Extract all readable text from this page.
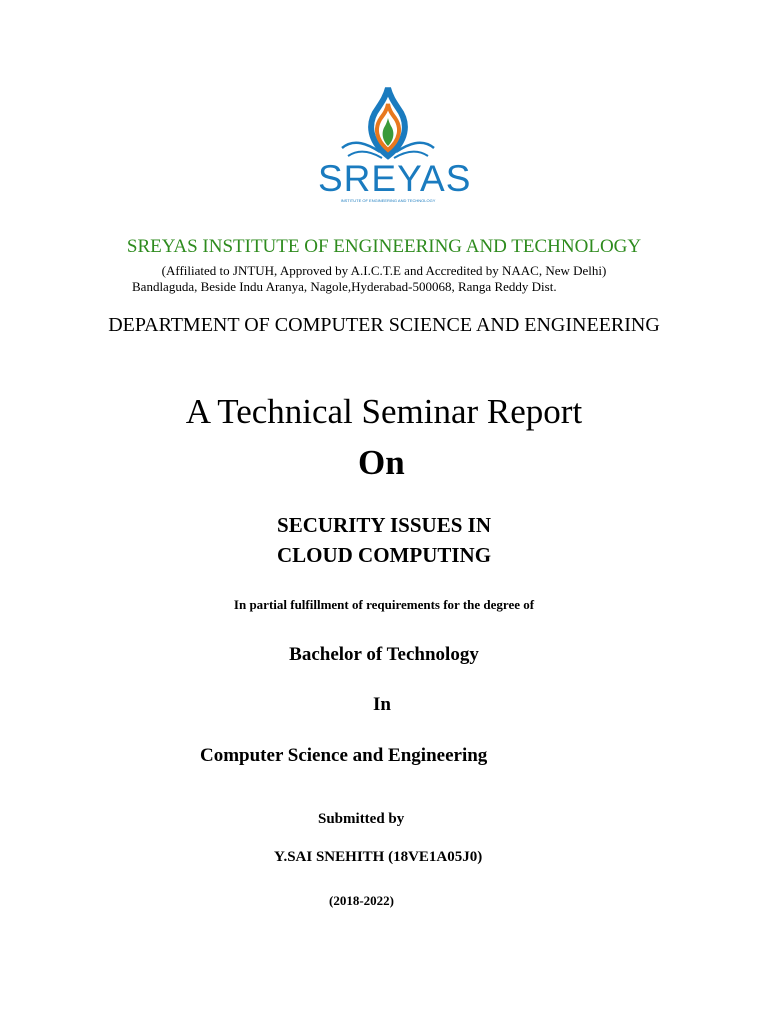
SREYAS
INSTITUTE OF ENGINEERING AND TECHNOLOGY
SREYAS INSTITUTE OF ENGINEERING AND TECHNOLOGY
(Affiliated to JNTUH, Approved by A.I.C.T.E and Accredited by NAAC, New Delhi)
Bandlaguda, Beside Indu Aranya, Nagole,Hyderabad-500068, Ranga Reddy Dist.
DEPARTMENT OF COMPUTER SCIENCE AND ENGINEERING
A Technical Seminar Report
On
SECURITY ISSUES IN
CLOUD COMPUTING
In partial fulfillment of requirements for the degree of
Bachelor of Technology
In
Computer Science and Engineering
Submitted by
Y.SAI SNEHITH (18VE1A05J0)
(2018-2022)
